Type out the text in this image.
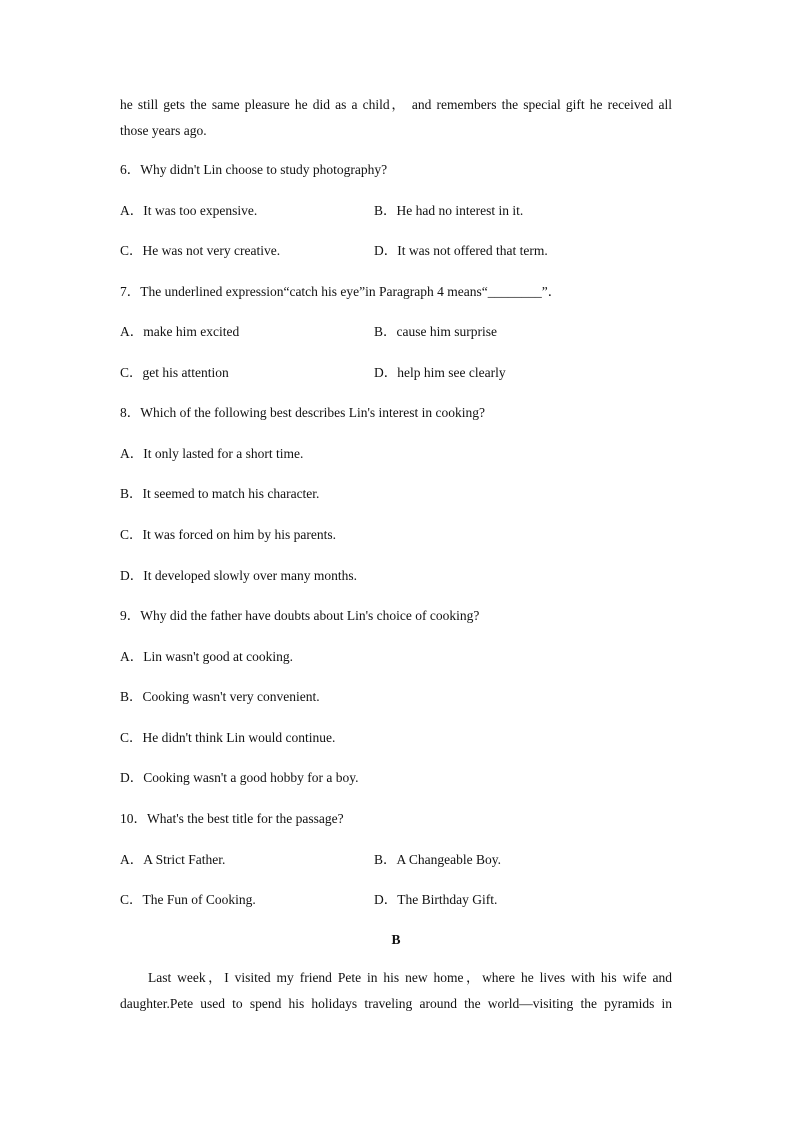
he still gets the same pleasure he did as a child， and remembers the special gift he received all
those years ago.
6．Why didn't Lin choose to study photography?
A．It was too expensive.	B．He had no interest in it.
C．He was not very creative.	D．It was not offered that term.
7．The underlined expression“catch his eye”in Paragraph 4 means“________”．
A．make him excited	B．cause him surprise
C．get his attention	D．help him see clearly
8．Which of the following best describes Lin's interest in cooking?
A．It only lasted for a short time.
B．It seemed to match his character.
C．It was forced on him by his parents.
D．It developed slowly over many months.
9．Why did the father have doubts about Lin's choice of cooking?
A．Lin wasn't good at cooking.
B．Cooking wasn't very convenient.
C．He didn't think Lin would continue.
D．Cooking wasn't a good hobby for a boy.
10．What's the best title for the passage?
A．A Strict Father.	B．A Changeable Boy.
C．The Fun of Cooking.	D．The Birthday Gift.
B
Last week，I visited my friend Pete in his new home，where he lives with his wife and
daughter.Pete used to spend his holidays traveling around the world—visiting the pyramids in
